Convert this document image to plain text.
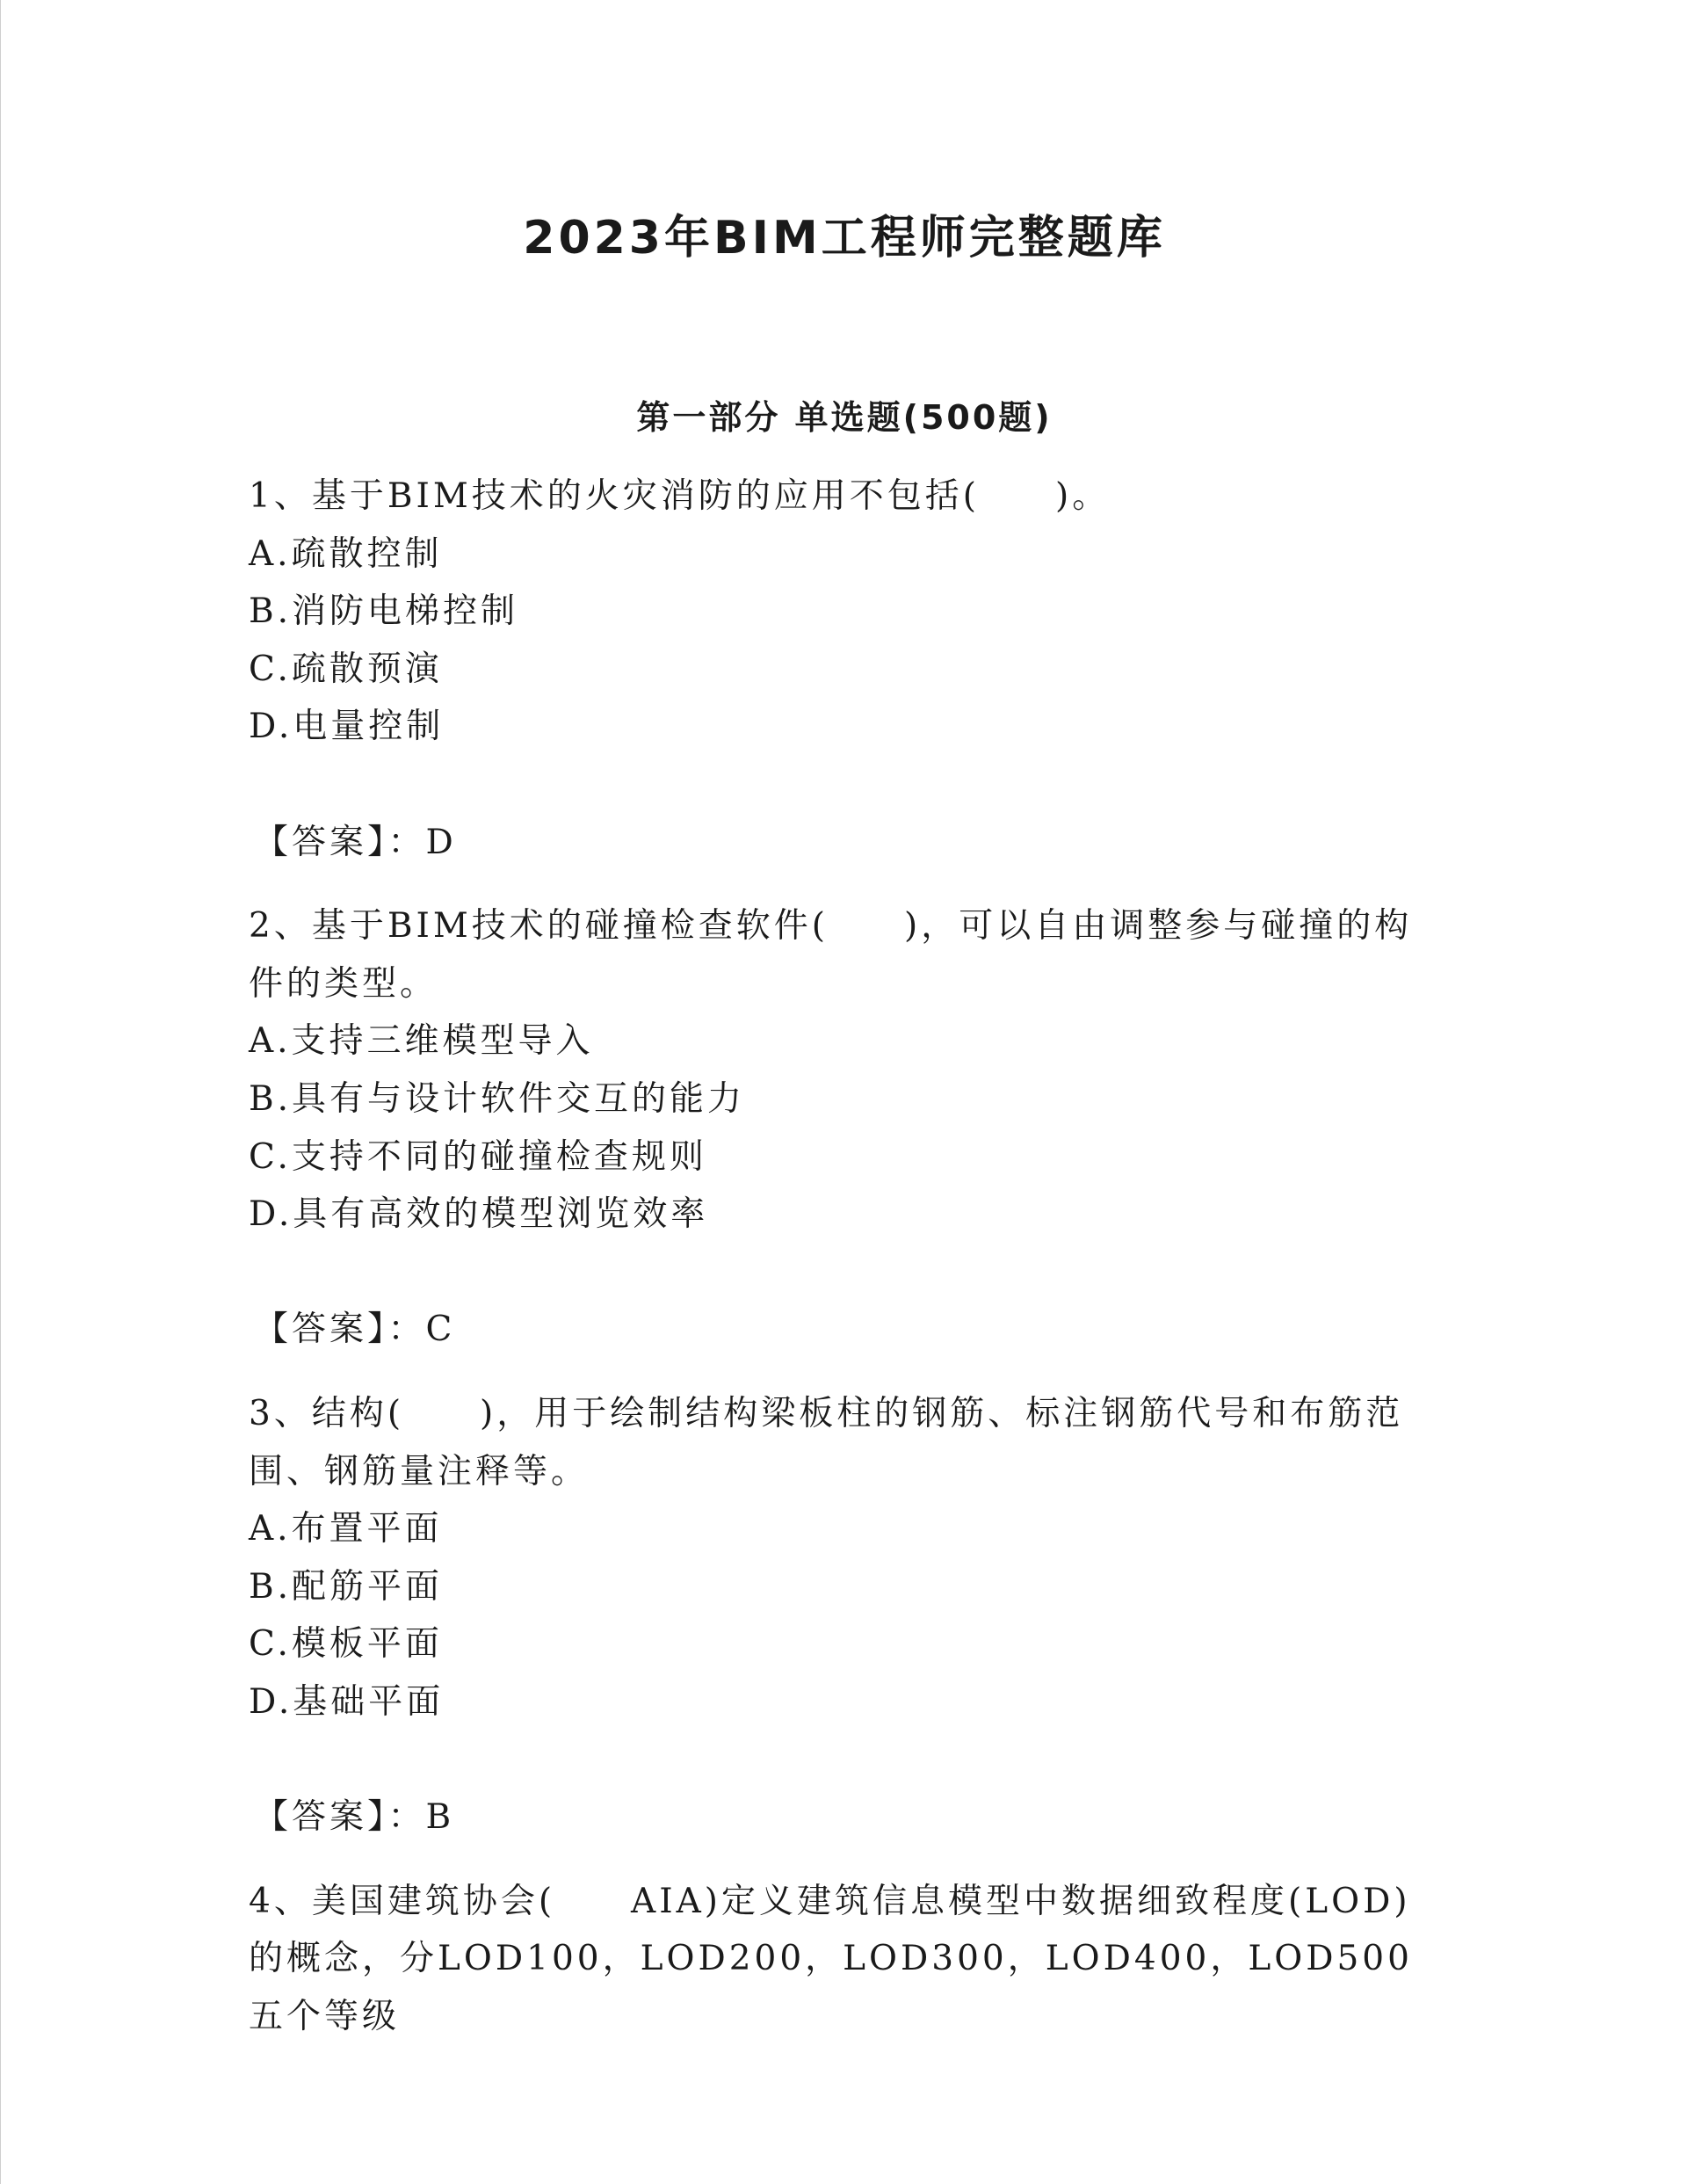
2023年BIM工程师完整题库
第一部分 单选题(500题)

1、基于BIM技术的火灾消防的应用不包括(　　)。

A.疏散控制

B.消防电梯控制

C.疏散预演

D.电量控制

【答案】：D

2、基于BIM技术的碰撞检查软件(　　)，可以自由调整参与碰撞的构件的类型。

A.支持三维模型导入

B.具有与设计软件交互的能力

C.支持不同的碰撞检查规则

D.具有高效的模型浏览效率

【答案】：C

3、结构(　　)，用于绘制结构梁板柱的钢筋、标注钢筋代号和布筋范围、钢筋量注释等。

A.布置平面

B.配筋平面

C.模板平面

D.基础平面

【答案】：B

4、美国建筑协会(　　AIA)定义建筑信息模型中数据细致程度(LOD)的概念，分LOD100，LOD200，LOD300，LOD400，LOD500五个等级
